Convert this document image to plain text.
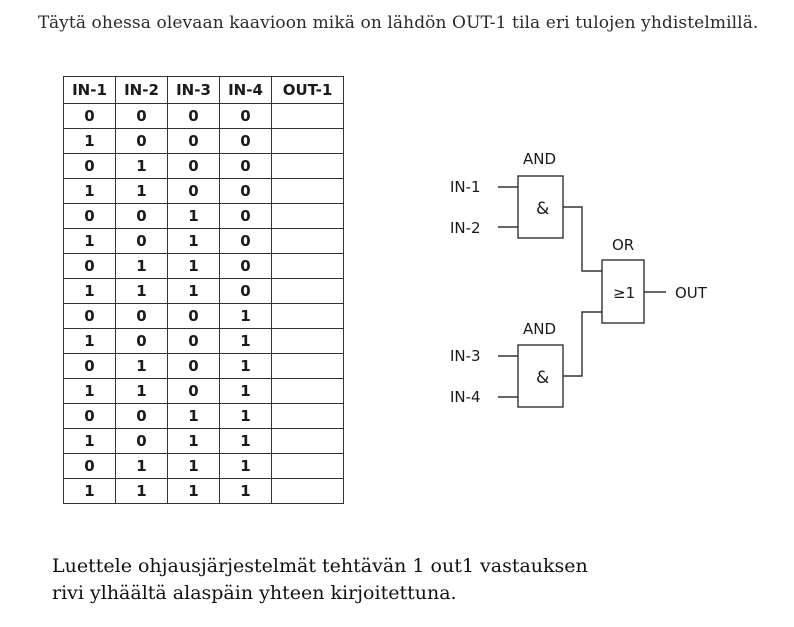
Täytä ohessa olevaan kaavioon mikä on lähdön OUT-1 tila eri tulojen yhdistelmillä.
IN-1	IN-2	IN-3	IN-4	OUT-1
0	0	0	0	
1	0	0	0	
0	1	0	0	
1	1	0	0	
0	0	1	0	
1	0	1	0	
0	1	1	0	
1	1	1	0	
0	0	0	1	
1	0	0	1	
0	1	0	1	
1	1	0	1	
0	0	1	1	
1	0	1	1	
0	1	1	1	
1	1	1	1	
AND
&
OR
≥1
AND
&
IN-1
IN-2
IN-3
IN-4
OUT
Luettele ohjausjärjestelmät tehtävän 1 out1 vastauksen
rivi ylhäältä alaspäin yhteen kirjoitettuna.
